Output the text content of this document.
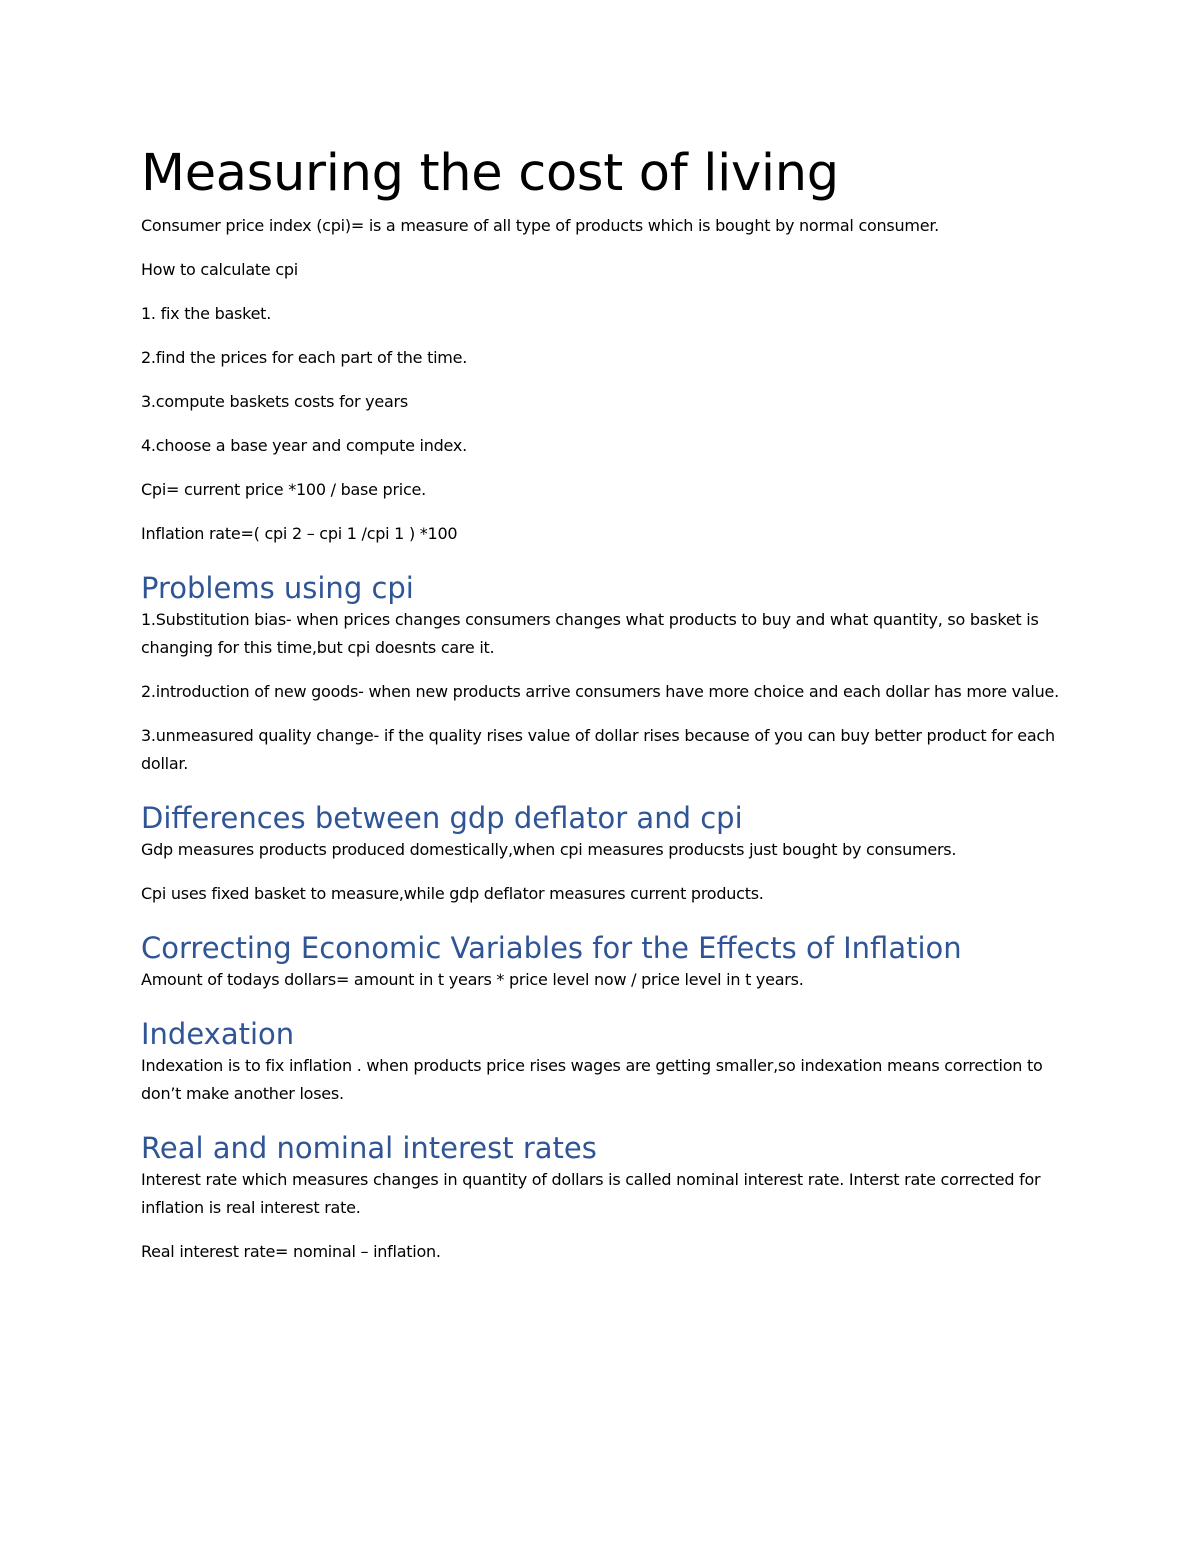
Measuring the cost of living

Consumer price index (cpi)= is a measure of all type of products which is bought by normal consumer.

How to calculate cpi

1. fix the basket.

2.find the prices for each part of the time.

3.compute baskets costs for years

4.choose a base year and compute index.

Cpi= current price *100 / base price.

Inflation rate=( cpi 2 – cpi 1 /cpi 1 ) *100

Problems using cpi

1.Substitution bias- when prices changes consumers changes what products to buy and what quantity, so basket is changing for this time,but cpi doesnts care it.

2.introduction of new goods- when new products arrive consumers have more choice and each dollar has more value.

3.unmeasured quality change- if the quality rises value of dollar rises because of you can buy better product for each dollar.

Differences between gdp deflator and cpi

Gdp measures products produced domestically,when cpi measures producsts just bought by consumers.

Cpi uses fixed basket to measure,while gdp deflator measures current products.

Correcting Economic Variables for the Effects of Inflation

Amount of todays dollars= amount in t years * price level now / price level in t years.

Indexation

Indexation is to fix inflation . when products price rises wages are getting smaller,so indexation means correction to don’t make another loses.

Real and nominal interest rates

Interest rate which measures changes in quantity of dollars is called nominal interest rate. Interst rate corrected for inflation is real interest rate.

Real interest rate= nominal – inflation.
